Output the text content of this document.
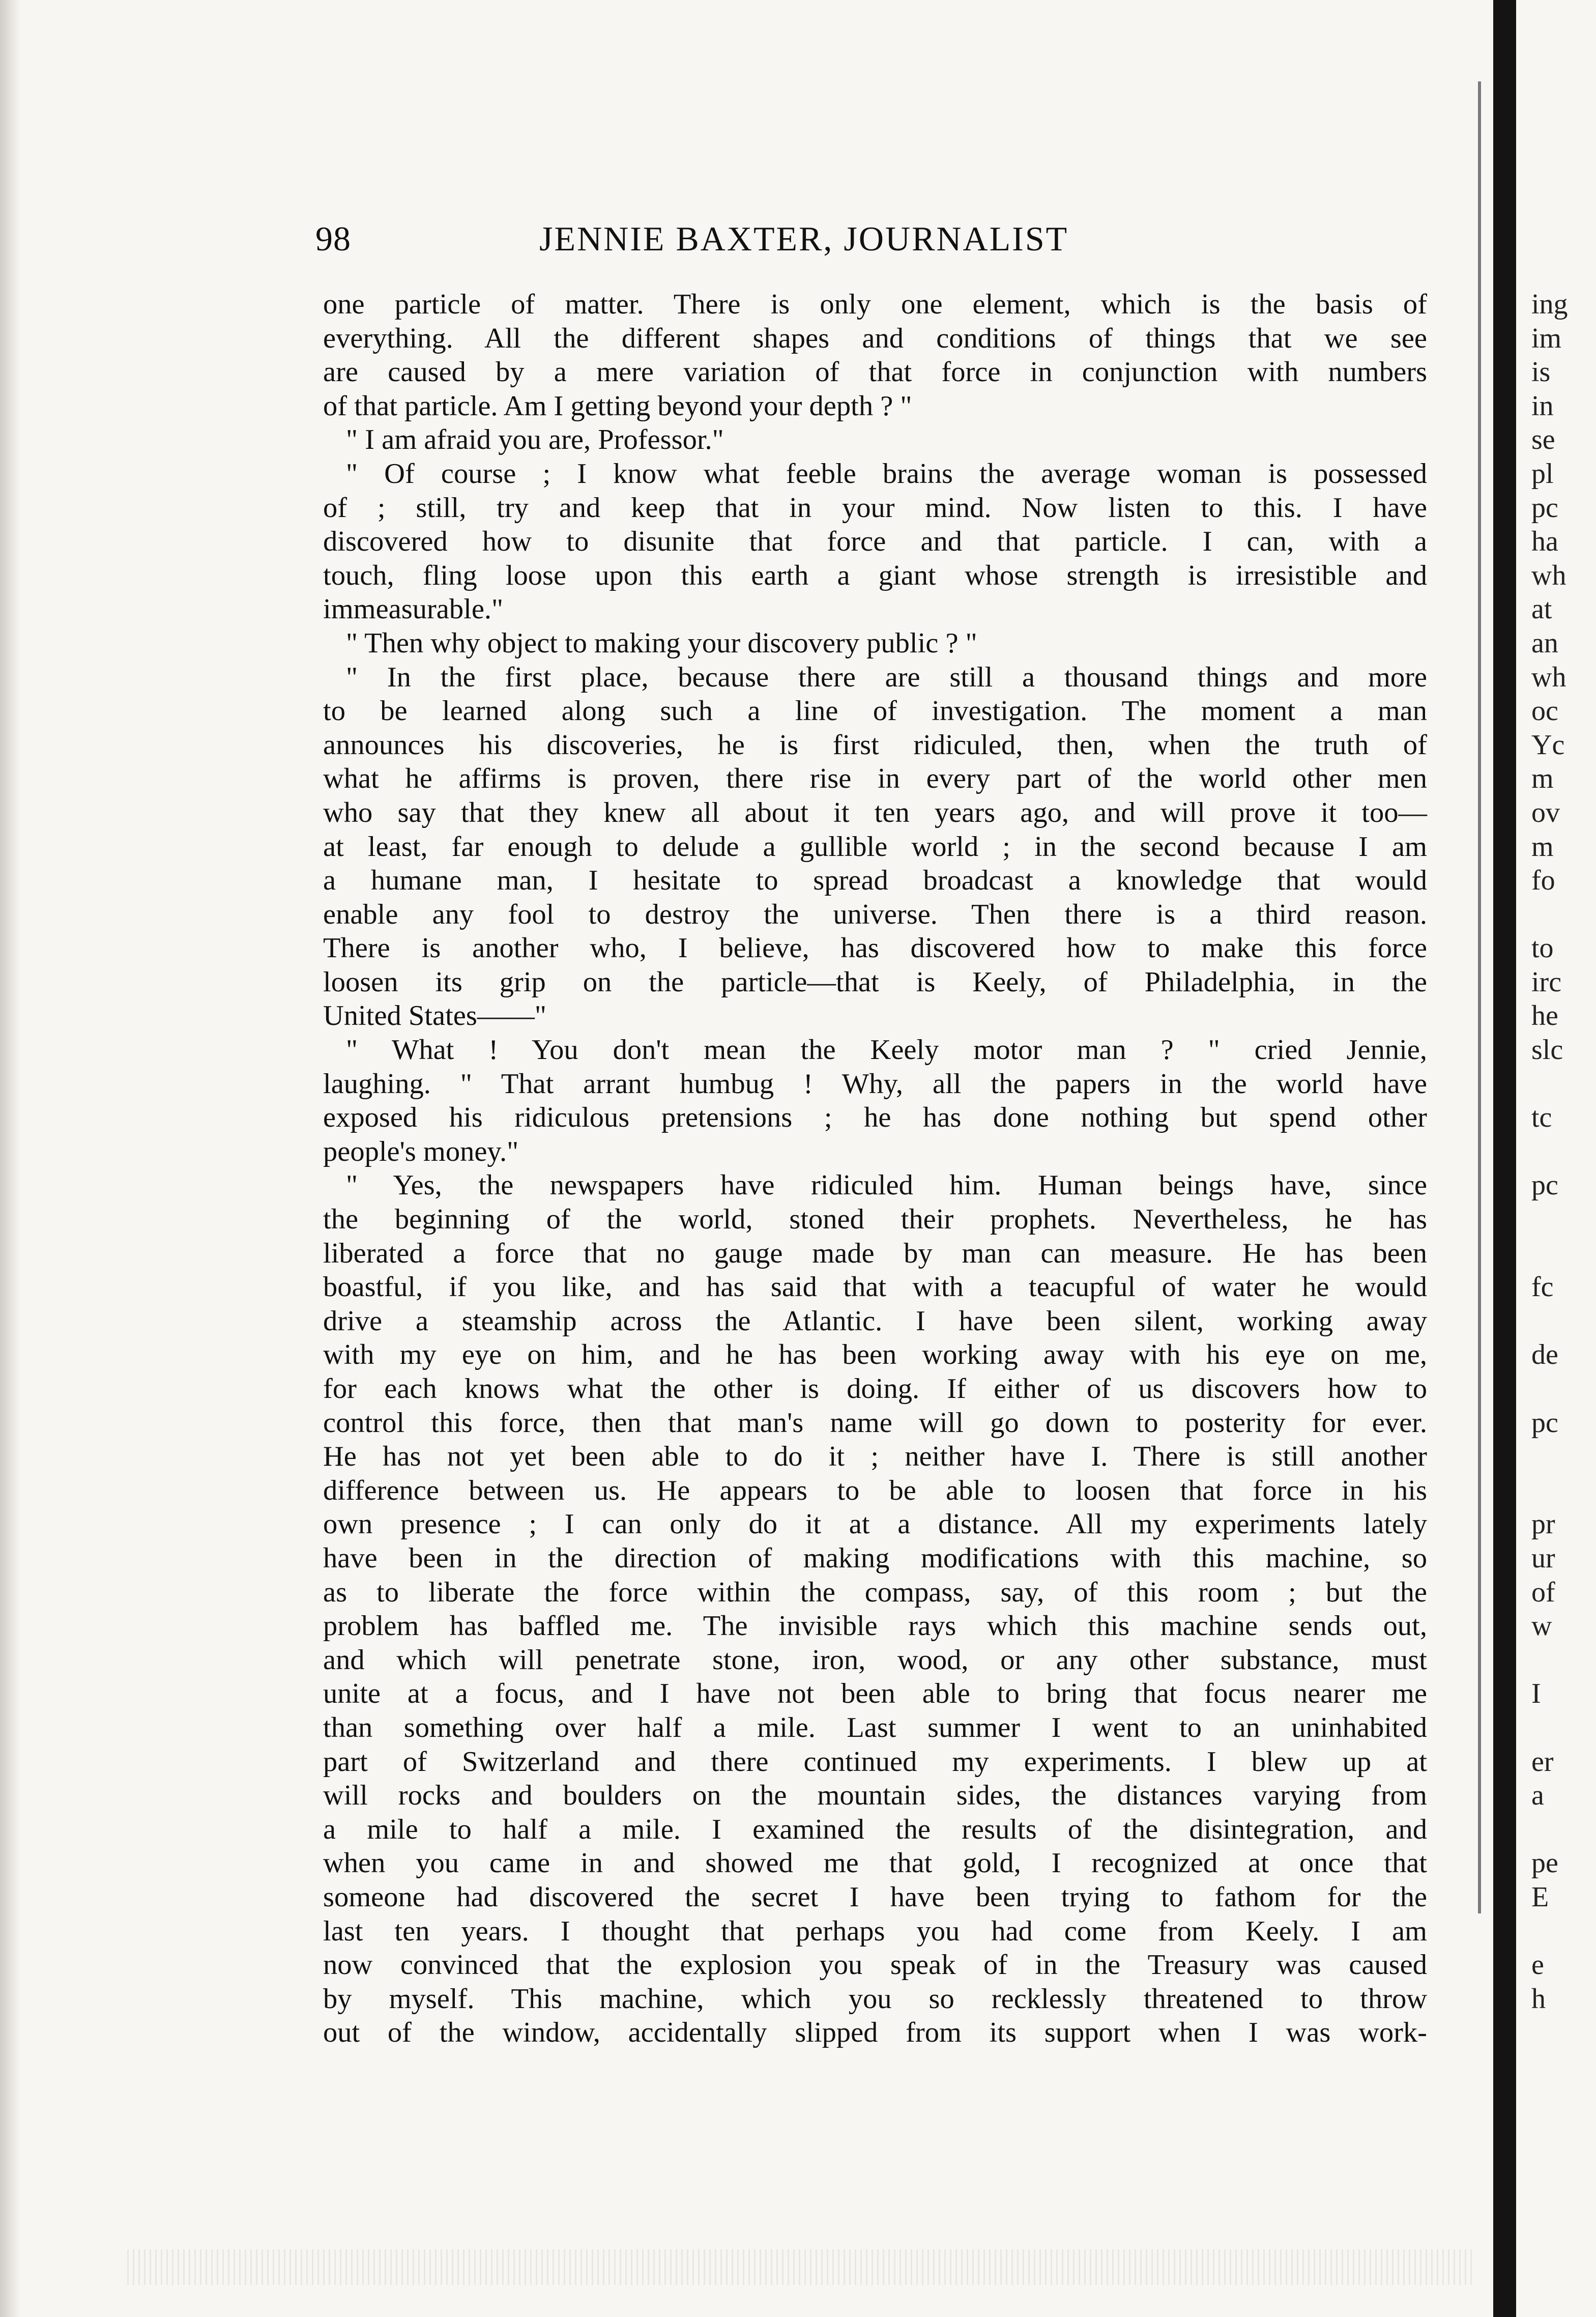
98	JENNIE BAXTER, JOURNALIST
one particle of matter. There is only one element, which is the basis of
everything. All the different shapes and conditions of things that we see
are caused by a mere variation of that force in conjunction with numbers
of that particle. Am I getting beyond your depth ? "
" I am afraid you are, Professor."
" Of course ; I know what feeble brains the average woman is possessed
of ; still, try and keep that in your mind. Now listen to this. I have
discovered how to disunite that force and that particle. I can, with a
touch, fling loose upon this earth a giant whose strength is irresistible and
immeasurable."
" Then why object to making your discovery public ? "
" In the first place, because there are still a thousand things and more
to be learned along such a line of investigation. The moment a man
announces his discoveries, he is first ridiculed, then, when the truth of
what he affirms is proven, there rise in every part of the world other men
who say that they knew all about it ten years ago, and will prove it too—
at least, far enough to delude a gullible world ; in the second because I am
a humane man, I hesitate to spread broadcast a knowledge that would
enable any fool to destroy the universe. Then there is a third reason.
There is another who, I believe, has discovered how to make this force
loosen its grip on the particle—that is Keely, of Philadelphia, in the
United States——"
" What ! You don't mean the Keely motor man ? " cried Jennie,
laughing. " That arrant humbug ! Why, all the papers in the world have
exposed his ridiculous pretensions ; he has done nothing but spend other
people's money."
" Yes, the newspapers have ridiculed him. Human beings have, since
the beginning of the world, stoned their prophets. Nevertheless, he has
liberated a force that no gauge made by man can measure. He has been
boastful, if you like, and has said that with a teacupful of water he would
drive a steamship across the Atlantic. I have been silent, working away
with my eye on him, and he has been working away with his eye on me,
for each knows what the other is doing. If either of us discovers how to
control this force, then that man's name will go down to posterity for ever.
He has not yet been able to do it ; neither have I. There is still another
difference between us. He appears to be able to loosen that force in his
own presence ; I can only do it at a distance. All my experiments lately
have been in the direction of making modifications with this machine, so
as to liberate the force within the compass, say, of this room ; but the
problem has baffled me. The invisible rays which this machine sends out,
and which will penetrate stone, iron, wood, or any other substance, must
unite at a focus, and I have not been able to bring that focus nearer me
than something over half a mile. Last summer I went to an uninhabited
part of Switzerland and there continued my experiments. I blew up at
will rocks and boulders on the mountain sides, the distances varying from
a mile to half a mile. I examined the results of the disintegration, and
when you came in and showed me that gold, I recognized at once that
someone had discovered the secret I have been trying to fathom for the
last ten years. I thought that perhaps you had come from Keely. I am
now convinced that the explosion you speak of in the Treasury was caused
by myself. This machine, which you so recklessly threatened to throw
out of the window, accidentally slipped from its support when I was work-
ing
im
is
in
se
pl
pc
ha
wh
at
an
wh
oc
Yc
m
ov
m
fo
to
irc
he
slc
tc
pc
fc
de
pc
pr
ur
of
w
I
er
a
pe
E
e
h
